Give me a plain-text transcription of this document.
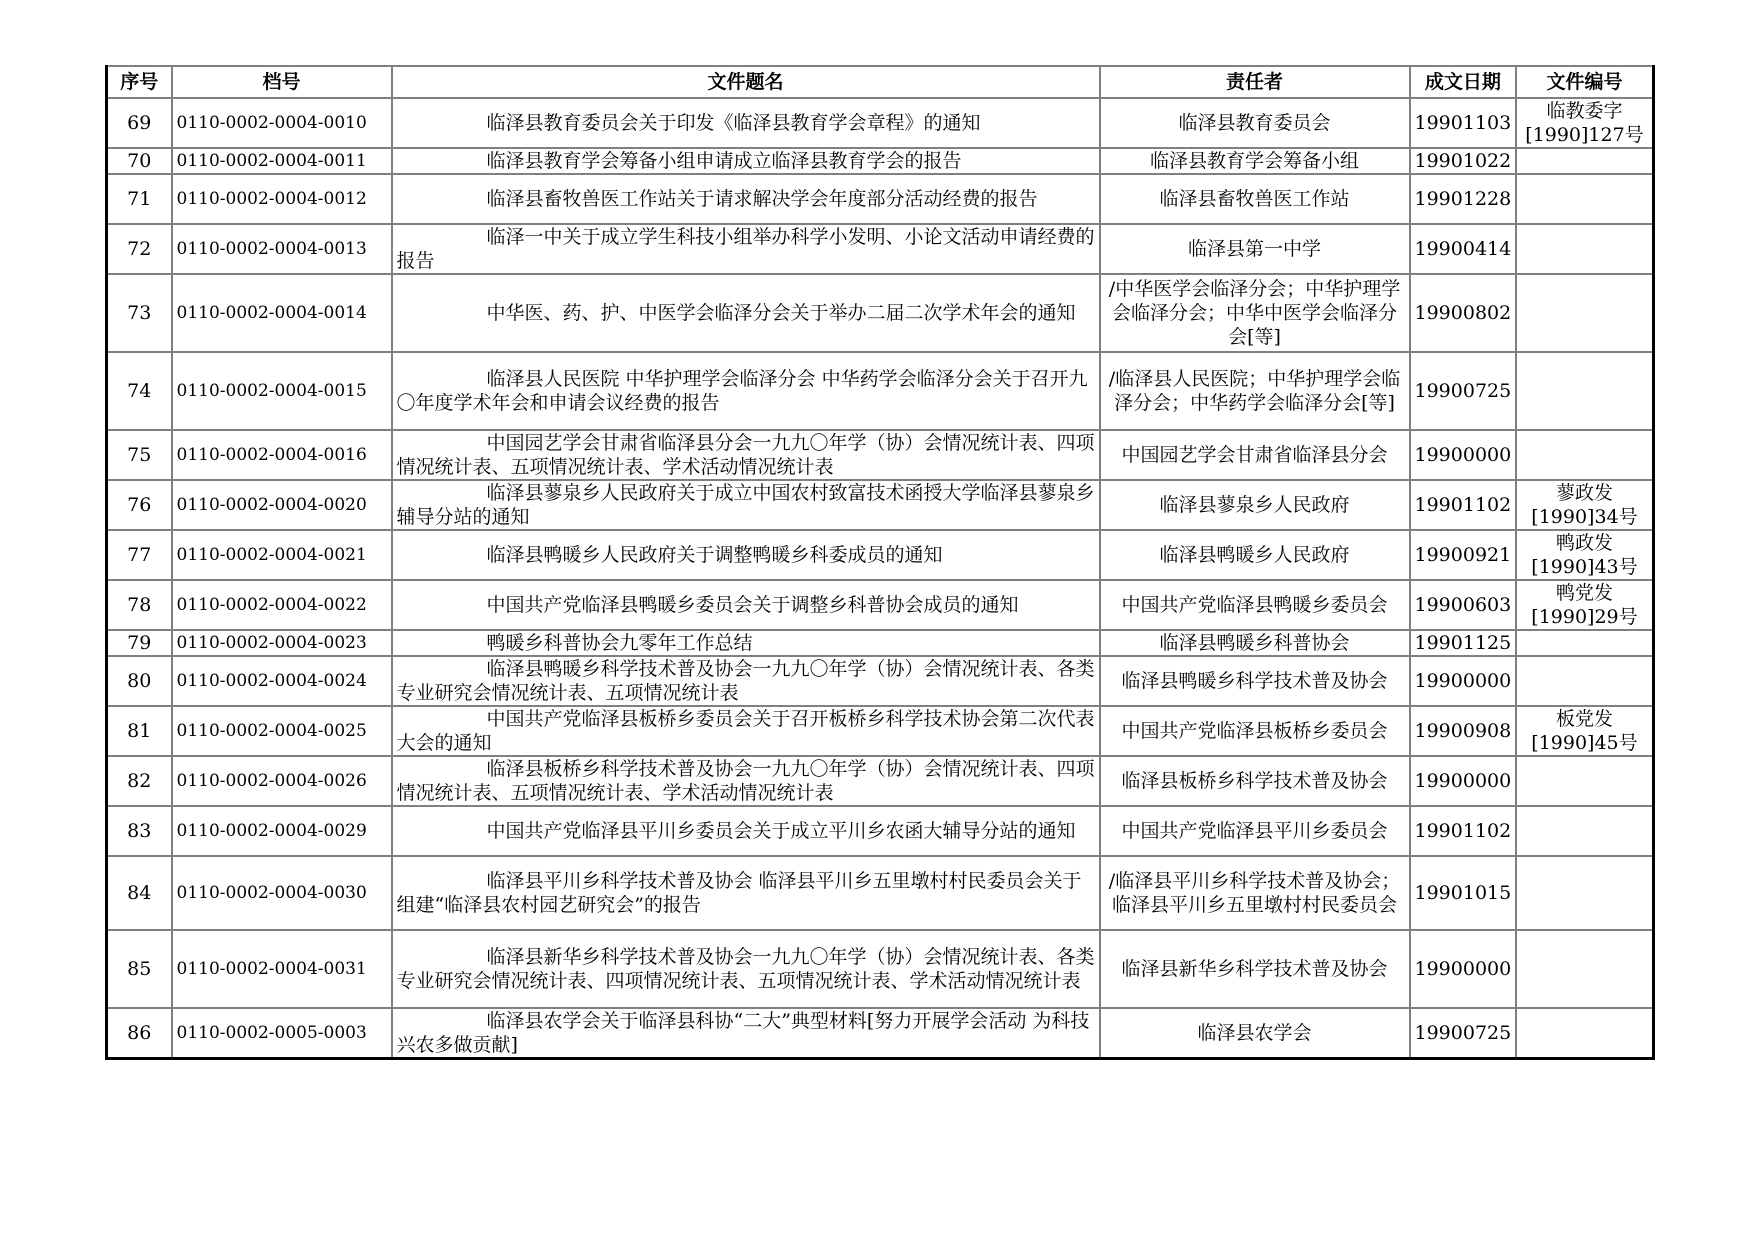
序号	档号	文件题名	责任者	成文日期	文件编号
69	0110-0002-0004-0010	临泽县教育委员会关于印发《临泽县教育学会章程》的通知	临泽县教育委员会	19901103	临教委字[1990]127号
70	0110-0002-0004-0011	临泽县教育学会筹备小组申请成立临泽县教育学会的报告	临泽县教育学会筹备小组	19901022	
71	0110-0002-0004-0012	临泽县畜牧兽医工作站关于请求解决学会年度部分活动经费的报告	临泽县畜牧兽医工作站	19901228	
72	0110-0002-0004-0013	临泽一中关于成立学生科技小组举办科学小发明、小论文活动申请经费的报告	临泽县第一中学	19900414	
73	0110-0002-0004-0014	中华医、药、护、中医学会临泽分会关于举办二届二次学术年会的通知	/中华医学会临泽分会；中华护理学会临泽分会；中华中医学会临泽分会[等]	19900802	
74	0110-0002-0004-0015	临泽县人民医院 中华护理学会临泽分会 中华药学会临泽分会关于召开九〇年度学术年会和申请会议经费的报告	/临泽县人民医院；中华护理学会临泽分会；中华药学会临泽分会[等]	19900725	
75	0110-0002-0004-0016	中国园艺学会甘肃省临泽县分会一九九〇年学（协）会情况统计表、四项情况统计表、五项情况统计表、学术活动情况统计表	中国园艺学会甘肃省临泽县分会	19900000	
76	0110-0002-0004-0020	临泽县蓼泉乡人民政府关于成立中国农村致富技术函授大学临泽县蓼泉乡辅导分站的通知	临泽县蓼泉乡人民政府	19901102	蓼政发[1990]34号
77	0110-0002-0004-0021	临泽县鸭暖乡人民政府关于调整鸭暖乡科委成员的通知	临泽县鸭暖乡人民政府	19900921	鸭政发[1990]43号
78	0110-0002-0004-0022	中国共产党临泽县鸭暖乡委员会关于调整乡科普协会成员的通知	中国共产党临泽县鸭暖乡委员会	19900603	鸭党发[1990]29号
79	0110-0002-0004-0023	鸭暖乡科普协会九零年工作总结	临泽县鸭暖乡科普协会	19901125	
80	0110-0002-0004-0024	临泽县鸭暖乡科学技术普及协会一九九〇年学（协）会情况统计表、各类专业研究会情况统计表、五项情况统计表	临泽县鸭暖乡科学技术普及协会	19900000	
81	0110-0002-0004-0025	中国共产党临泽县板桥乡委员会关于召开板桥乡科学技术协会第二次代表大会的通知	中国共产党临泽县板桥乡委员会	19900908	板党发[1990]45号
82	0110-0002-0004-0026	临泽县板桥乡科学技术普及协会一九九〇年学（协）会情况统计表、四项情况统计表、五项情况统计表、学术活动情况统计表	临泽县板桥乡科学技术普及协会	19900000	
83	0110-0002-0004-0029	中国共产党临泽县平川乡委员会关于成立平川乡农函大辅导分站的通知	中国共产党临泽县平川乡委员会	19901102	
84	0110-0002-0004-0030	临泽县平川乡科学技术普及协会 临泽县平川乡五里墩村村民委员会关于组建“临泽县农村园艺研究会”的报告	/临泽县平川乡科学技术普及协会；临泽县平川乡五里墩村村民委员会	19901015	
85	0110-0002-0004-0031	临泽县新华乡科学技术普及协会一九九〇年学（协）会情况统计表、各类专业研究会情况统计表、四项情况统计表、五项情况统计表、学术活动情况统计表	临泽县新华乡科学技术普及协会	19900000	
86	0110-0002-0005-0003	临泽县农学会关于临泽县科协“二大”典型材料[努力开展学会活动 为科技兴农多做贡献]	临泽县农学会	19900725	
